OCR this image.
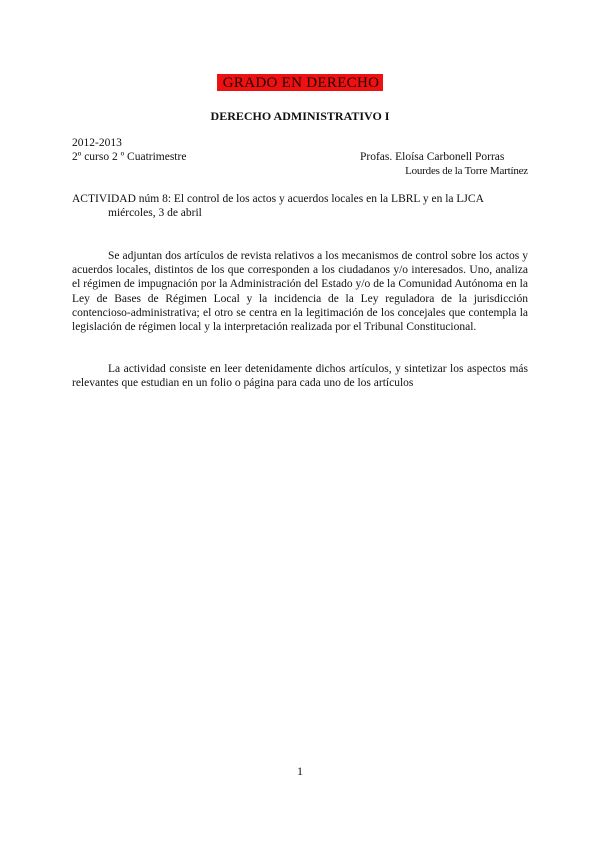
GRADO EN DERECHO
DERECHO ADMINISTRATIVO I
2012-2013
2º curso 2 º Cuatrimestre	Profas. Eloísa Carbonell Porras
Lourdes de la Torre Martínez
ACTIVIDAD núm 8: El control de los actos y acuerdos locales en la LBRL y en la LJCA
miércoles, 3 de abril

Se adjuntan dos artículos de revista relativos a los mecanismos de control sobre los actos y acuerdos locales, distintos de los que corresponden a los ciudadanos y/o interesados. Uno, analiza el régimen de impugnación por la Administración del Estado y/o de la Comunidad Autónoma en la Ley de Bases de Régimen Local y la incidencia de la Ley reguladora de la jurisdicción contencioso-administrativa; el otro se centra en la legitimación de los concejales que contempla la legislación de régimen local y la interpretación realizada por el Tribunal Constitucional.

La actividad consiste en leer detenidamente dichos artículos, y sintetizar los aspectos más relevantes que estudian en un folio o página para cada uno de los artículos

1
